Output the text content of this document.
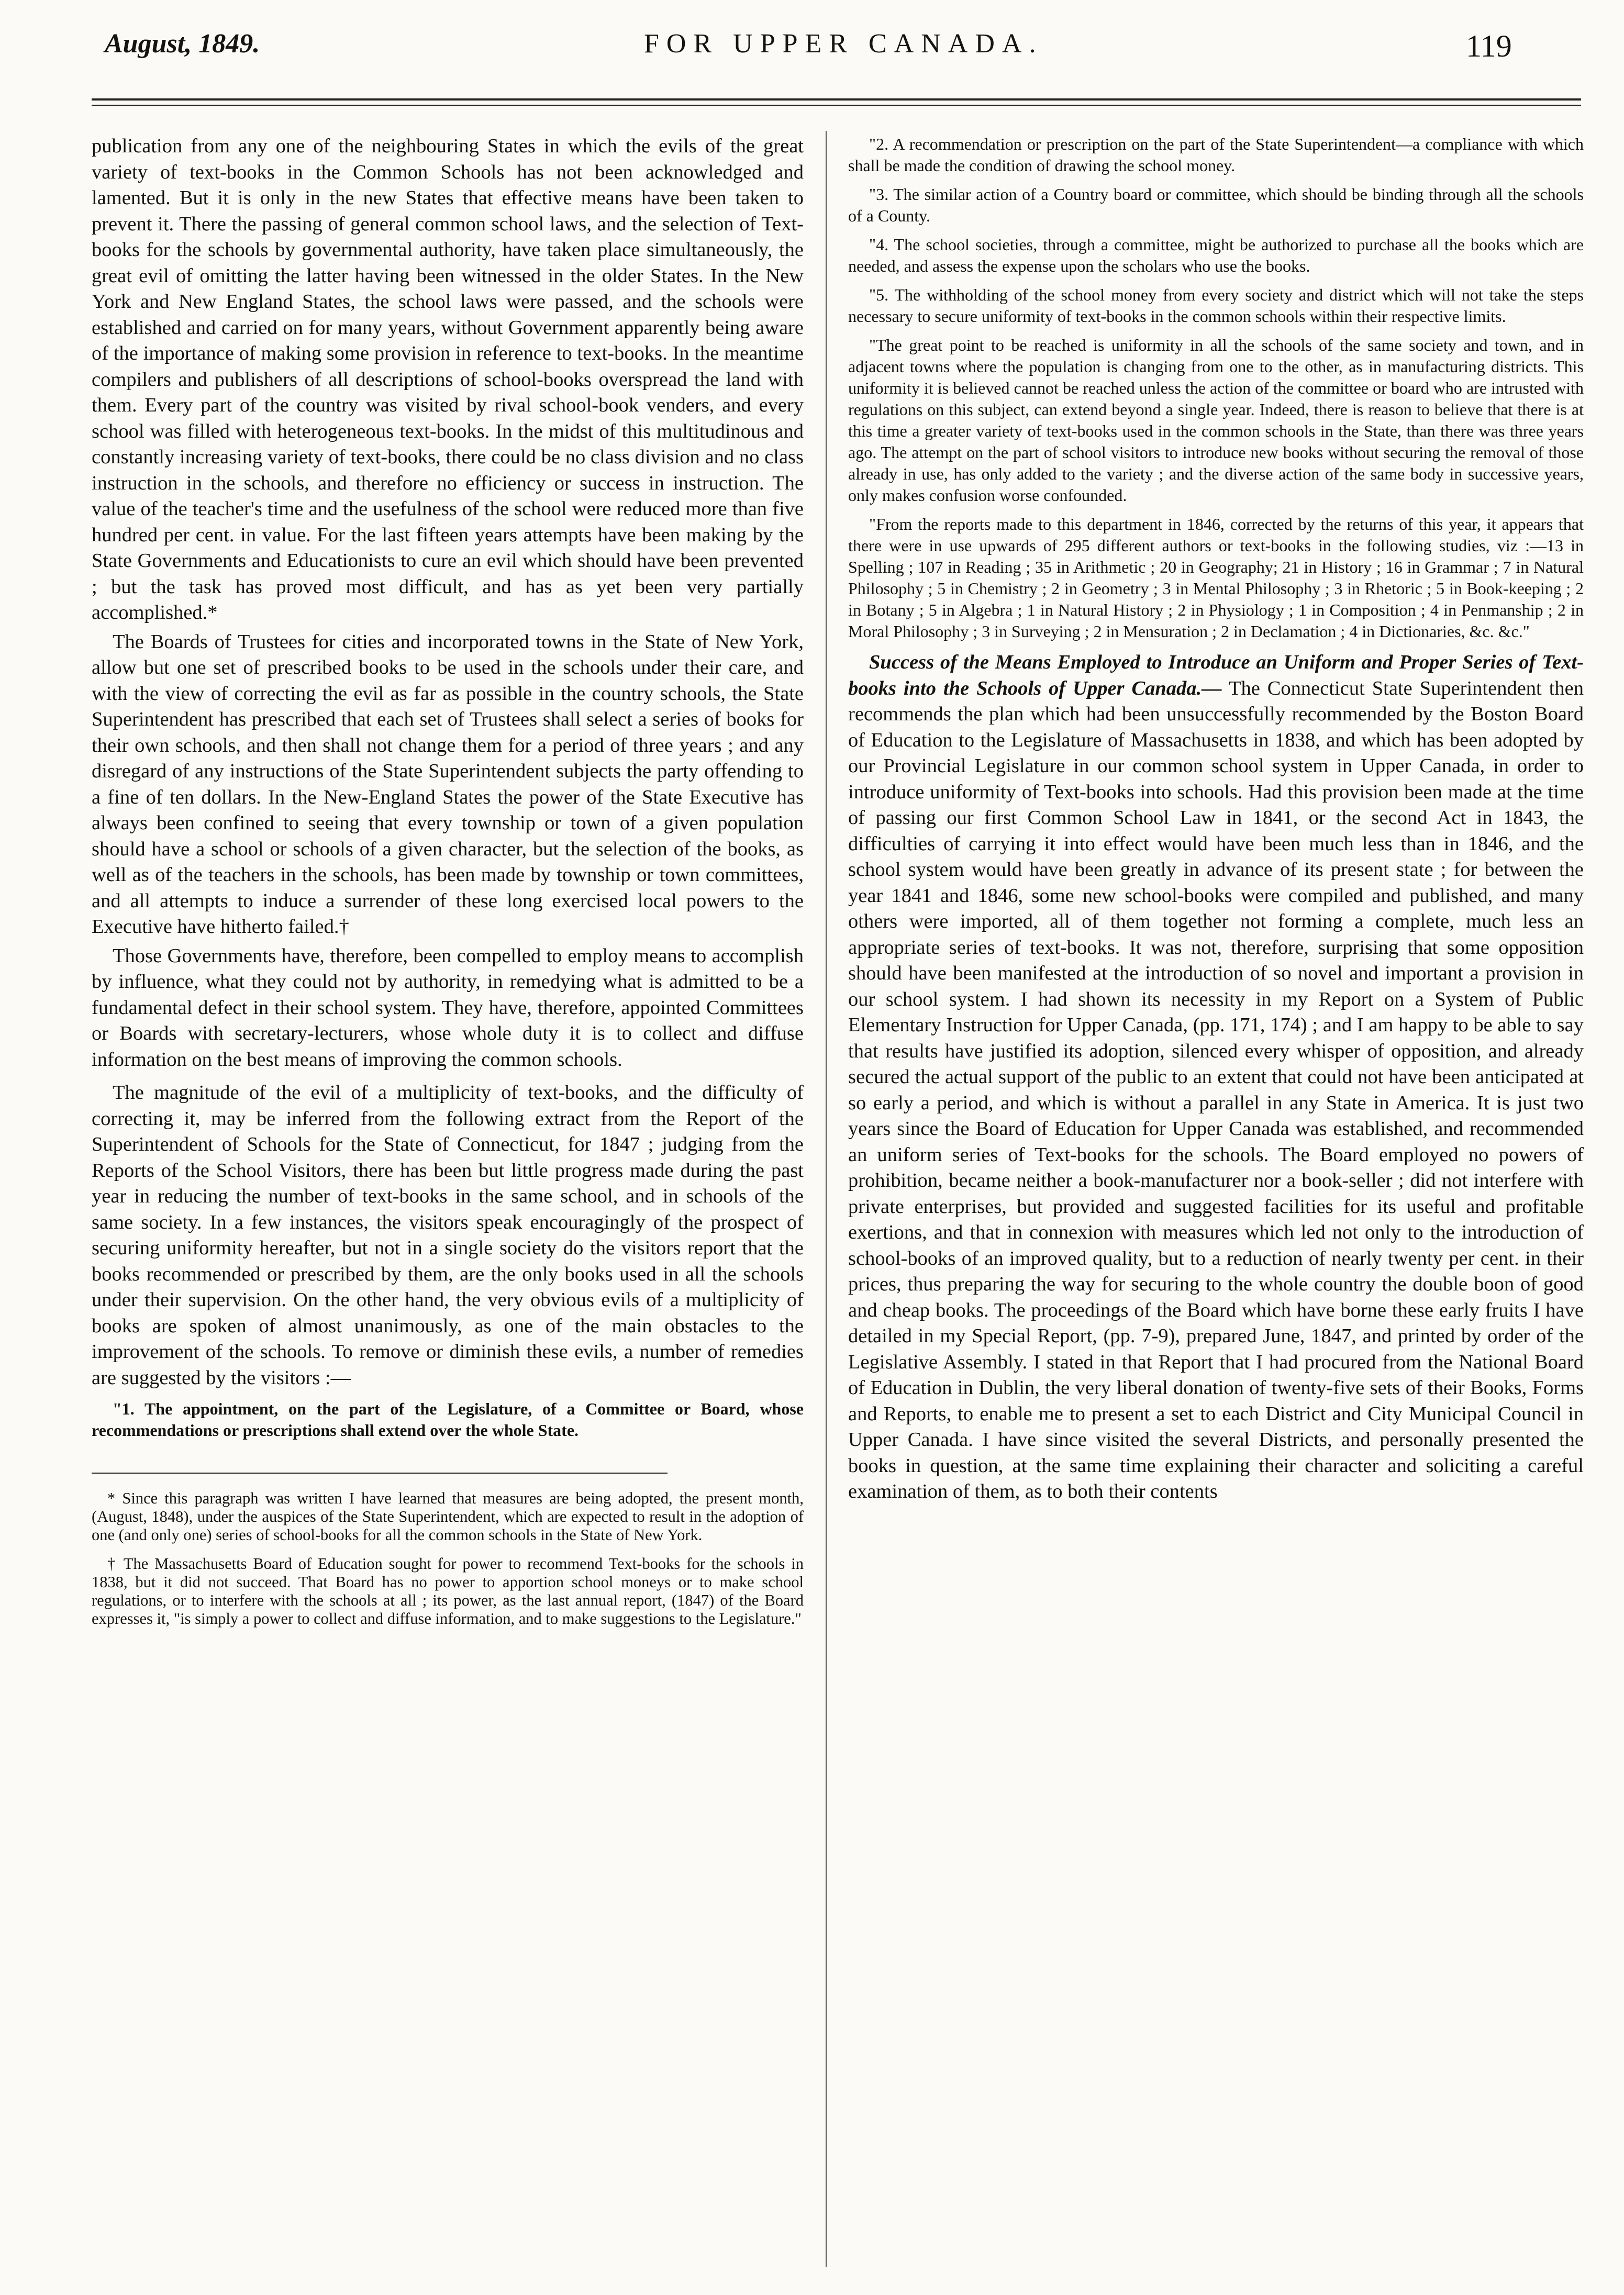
August, 1849.	FOR UPPER CANADA.	119

publication from any one of the neighbouring States in which the evils of the great variety of text-books in the Common Schools has not been acknowledged and lamented. But it is only in the new States that effective means have been taken to prevent it. There the passing of general common school laws, and the selection of Text-books for the schools by governmental authority, have taken place simultaneously, the great evil of omitting the latter having been witnessed in the older States. In the New York and New England States, the school laws were passed, and the schools were established and carried on for many years, without Government apparently being aware of the importance of making some provision in reference to text-books. In the meantime compilers and publishers of all descriptions of school-books overspread the land with them. Every part of the country was visited by rival school-book venders, and every school was filled with heterogeneous text-books. In the midst of this multitudinous and constantly increasing variety of text-books, there could be no class division and no class instruction in the schools, and therefore no efficiency or success in instruction. The value of the teacher's time and the usefulness of the school were reduced more than five hundred per cent. in value. For the last fifteen years attempts have been making by the State Governments and Educationists to cure an evil which should have been prevented ; but the task has proved most difficult, and has as yet been very partially accomplished.*

The Boards of Trustees for cities and incorporated towns in the State of New York, allow but one set of prescribed books to be used in the schools under their care, and with the view of correcting the evil as far as possible in the country schools, the State Superintendent has prescribed that each set of Trustees shall select a series of books for their own schools, and then shall not change them for a period of three years ; and any disregard of any instructions of the State Superintendent subjects the party offending to a fine of ten dollars. In the New-England States the power of the State Executive has always been confined to seeing that every township or town of a given population should have a school or schools of a given character, but the selection of the books, as well as of the teachers in the schools, has been made by township or town committees, and all attempts to induce a surrender of these long exercised local powers to the Executive have hitherto failed.†

Those Governments have, therefore, been compelled to employ means to accomplish by influence, what they could not by authority, in remedying what is admitted to be a fundamental defect in their school system. They have, therefore, appointed Committees or Boards with secretary-lecturers, whose whole duty it is to collect and diffuse information on the best means of improving the common schools.

The magnitude of the evil of a multiplicity of text-books, and the difficulty of correcting it, may be inferred from the following extract from the Report of the Superintendent of Schools for the State of Connecticut, for 1847 ; judging from the Reports of the School Visitors, there has been but little progress made during the past year in reducing the number of text-books in the same school, and in schools of the same society. In a few instances, the visitors speak encouragingly of the prospect of securing uniformity hereafter, but not in a single society do the visitors report that the books recommended or prescribed by them, are the only books used in all the schools under their supervision. On the other hand, the very obvious evils of a multiplicity of books are spoken of almost unanimously, as one of the main obstacles to the improvement of the schools. To remove or diminish these evils, a number of remedies are suggested by the visitors :—

"1. The appointment, on the part of the Legislature, of a Committee or Board, whose recommendations or prescriptions shall extend over the whole State.

* Since this paragraph was written I have learned that measures are being adopted, the present month, (August, 1848), under the auspices of the State Superintendent, which are expected to result in the adoption of one (and only one) series of school-books for all the common schools in the State of New York.

† The Massachusetts Board of Education sought for power to recommend Text-books for the schools in 1838, but it did not succeed. That Board has no power to apportion school moneys or to make school regulations, or to interfere with the schools at all ; its power, as the last annual report, (1847) of the Board expresses it, "is simply a power to collect and diffuse information, and to make suggestions to the Legislature."

"2. A recommendation or prescription on the part of the State Superintendent—a compliance with which shall be made the condition of drawing the school money.

"3. The similar action of a Country board or committee, which should be binding through all the schools of a County.

"4. The school societies, through a committee, might be authorized to purchase all the books which are needed, and assess the expense upon the scholars who use the books.

"5. The withholding of the school money from every society and district which will not take the steps necessary to secure uniformity of text-books in the common schools within their respective limits.

"The great point to be reached is uniformity in all the schools of the same society and town, and in adjacent towns where the population is changing from one to the other, as in manufacturing districts. This uniformity it is believed cannot be reached unless the action of the committee or board who are intrusted with regulations on this subject, can extend beyond a single year. Indeed, there is reason to believe that there is at this time a greater variety of text-books used in the common schools in the State, than there was three years ago. The attempt on the part of school visitors to introduce new books without securing the removal of those already in use, has only added to the variety ; and the diverse action of the same body in successive years, only makes confusion worse confounded.

"From the reports made to this department in 1846, corrected by the returns of this year, it appears that there were in use upwards of 295 different authors or text-books in the following studies, viz :—13 in Spelling ; 107 in Reading ; 35 in Arithmetic ; 20 in Geography; 21 in History ; 16 in Grammar ; 7 in Natural Philosophy ; 5 in Chemistry ; 2 in Geometry ; 3 in Mental Philosophy ; 3 in Rhetoric ; 5 in Book-keeping ; 2 in Botany ; 5 in Algebra ; 1 in Natural History ; 2 in Physiology ; 1 in Composition ; 4 in Penmanship ; 2 in Moral Philosophy ; 3 in Surveying ; 2 in Mensuration ; 2 in Declamation ; 4 in Dictionaries, &c. &c."

Success of the Means Employed to Introduce an Uniform and Proper Series of Text-books into the Schools of Upper Canada.— The Connecticut State Superintendent then recommends the plan which had been unsuccessfully recommended by the Boston Board of Education to the Legislature of Massachusetts in 1838, and which has been adopted by our Provincial Legislature in our common school system in Upper Canada, in order to introduce uniformity of Text-books into schools. Had this provision been made at the time of passing our first Common School Law in 1841, or the second Act in 1843, the difficulties of carrying it into effect would have been much less than in 1846, and the school system would have been greatly in advance of its present state ; for between the year 1841 and 1846, some new school-books were compiled and published, and many others were imported, all of them together not forming a complete, much less an appropriate series of text-books. It was not, therefore, surprising that some opposition should have been manifested at the introduction of so novel and important a provision in our school system. I had shown its necessity in my Report on a System of Public Elementary Instruction for Upper Canada, (pp. 171, 174) ; and I am happy to be able to say that results have justified its adoption, silenced every whisper of opposition, and already secured the actual support of the public to an extent that could not have been anticipated at so early a period, and which is without a parallel in any State in America. It is just two years since the Board of Education for Upper Canada was established, and recommended an uniform series of Text-books for the schools. The Board employed no powers of prohibition, became neither a book-manufacturer nor a book-seller ; did not interfere with private enterprises, but provided and suggested facilities for its useful and profitable exertions, and that in connexion with measures which led not only to the introduction of school-books of an improved quality, but to a reduction of nearly twenty per cent. in their prices, thus preparing the way for securing to the whole country the double boon of good and cheap books. The proceedings of the Board which have borne these early fruits I have detailed in my Special Report, (pp. 7-9), prepared June, 1847, and printed by order of the Legislative Assembly. I stated in that Report that I had procured from the National Board of Education in Dublin, the very liberal donation of twenty-five sets of their Books, Forms and Reports, to enable me to present a set to each District and City Municipal Council in Upper Canada. I have since visited the several Districts, and personally presented the books in question, at the same time explaining their character and soliciting a careful examination of them, as to both their contents
